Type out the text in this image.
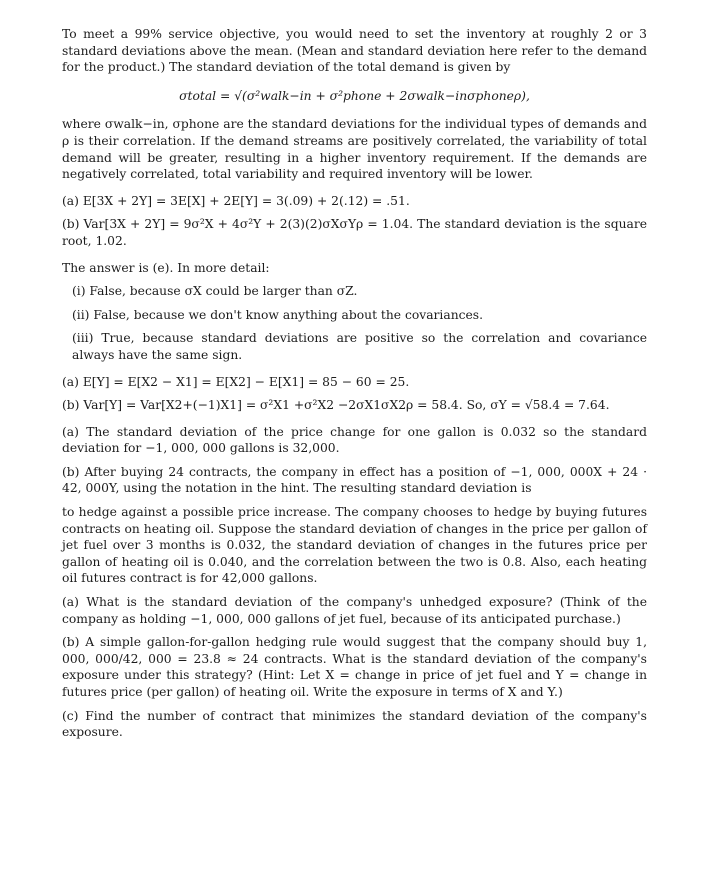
To meet a 99% service objective, you would need to set the inventory at roughly 2 or 3 standard deviations above the mean. (Mean and standard deviation here refer to the demand for the product.) The standard deviation of the total demand is given by

σtotal = √(σ²walk−in + σ²phone + 2σwalk−inσphoneρ),

where σwalk−in, σphone are the standard deviations for the individual types of demands and ρ is their correlation. If the demand streams are positively correlated, the variability of total demand will be greater, resulting in a higher inventory requirement. If the demands are negatively correlated, total variability and required inventory will be lower.

(a) E[3X + 2Y] = 3E[X] + 2E[Y] = 3(.09) + 2(.12) = .51.

(b) Var[3X + 2Y] = 9σ²X + 4σ²Y + 2(3)(2)σXσYρ = 1.04. The standard deviation is the square root, 1.02.

The answer is (e). In more detail:

(i) False, because σX could be larger than σZ.

(ii) False, because we don't know anything about the covariances.

(iii) True, because standard deviations are positive so the correlation and covariance always have the same sign.

(a) E[Y] = E[X2 − X1] = E[X2] − E[X1] = 85 − 60 = 25.

(b) Var[Y] = Var[X2+(−1)X1] = σ²X1 +σ²X2 −2σX1σX2ρ = 58.4. So, σY = √58.4 = 7.64.

(a) The standard deviation of the price change for one gallon is 0.032 so the standard deviation for −1, 000, 000 gallons is 32,000.

(b) After buying 24 contracts, the company in effect has a position of −1, 000, 000X + 24 · 42, 000Y, using the notation in the hint. The resulting standard deviation is

to hedge against a possible price increase. The company chooses to hedge by buying futures contracts on heating oil. Suppose the standard deviation of changes in the price per gallon of jet fuel over 3 months is 0.032, the standard deviation of changes in the futures price per gallon of heating oil is 0.040, and the correlation between the two is 0.8. Also, each heating oil futures contract is for 42,000 gallons.

(a) What is the standard deviation of the company's unhedged exposure? (Think of the company as holding −1, 000, 000 gallons of jet fuel, because of its anticipated purchase.)

(b) A simple gallon-for-gallon hedging rule would suggest that the company should buy 1, 000, 000/42, 000 = 23.8 ≈ 24 contracts. What is the standard deviation of the company's exposure under this strategy? (Hint: Let X = change in price of jet fuel and Y = change in futures price (per gallon) of heating oil. Write the exposure in terms of X and Y.)

(c) Find the number of contract that minimizes the standard deviation of the company's exposure.
